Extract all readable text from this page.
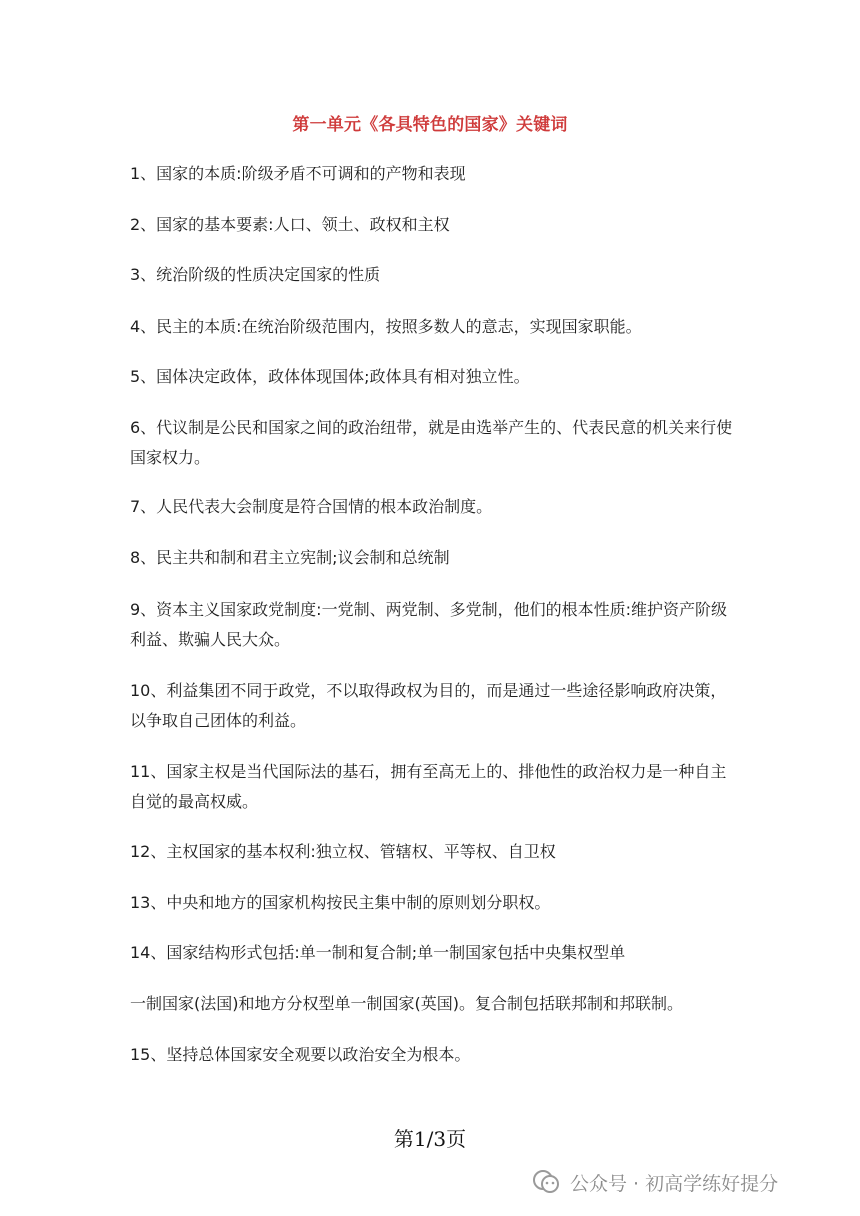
第一单元《各具特色的国家》关键词
1、国家的本质:阶级矛盾不可调和的产物和表现
2、国家的基本要素:人口、领土、政权和主权
3、统治阶级的性质决定国家的性质
4、民主的本质:在统治阶级范围内，按照多数人的意志，实现国家职能。
5、国体决定政体，政体体现国体;政体具有相对独立性。
6、代议制是公民和国家之间的政治纽带，就是由选举产生的、代表民意的机关来行使
国家权力。
7、人民代表大会制度是符合国情的根本政治制度。
8、民主共和制和君主立宪制;议会制和总统制
9、资本主义国家政党制度:一党制、两党制、多党制，他们的根本性质:维护资产阶级
利益、欺骗人民大众。
10、利益集团不同于政党，不以取得政权为目的，而是通过一些途径影响政府决策，
以争取自己团体的利益。
11、国家主权是当代国际法的基石，拥有至高无上的、排他性的政治权力是一种自主
自觉的最高权威。
12、主权国家的基本权利:独立权、管辖权、平等权、自卫权
13、中央和地方的国家机构按民主集中制的原则划分职权。
14、国家结构形式包括:单一制和复合制;单一制国家包括中央集权型单
一制国家(法国)和地方分权型单一制国家(英国)。复合制包括联邦制和邦联制。
15、坚持总体国家安全观要以政治安全为根本。
第1/3页
公众号 · 初高学练好提分
